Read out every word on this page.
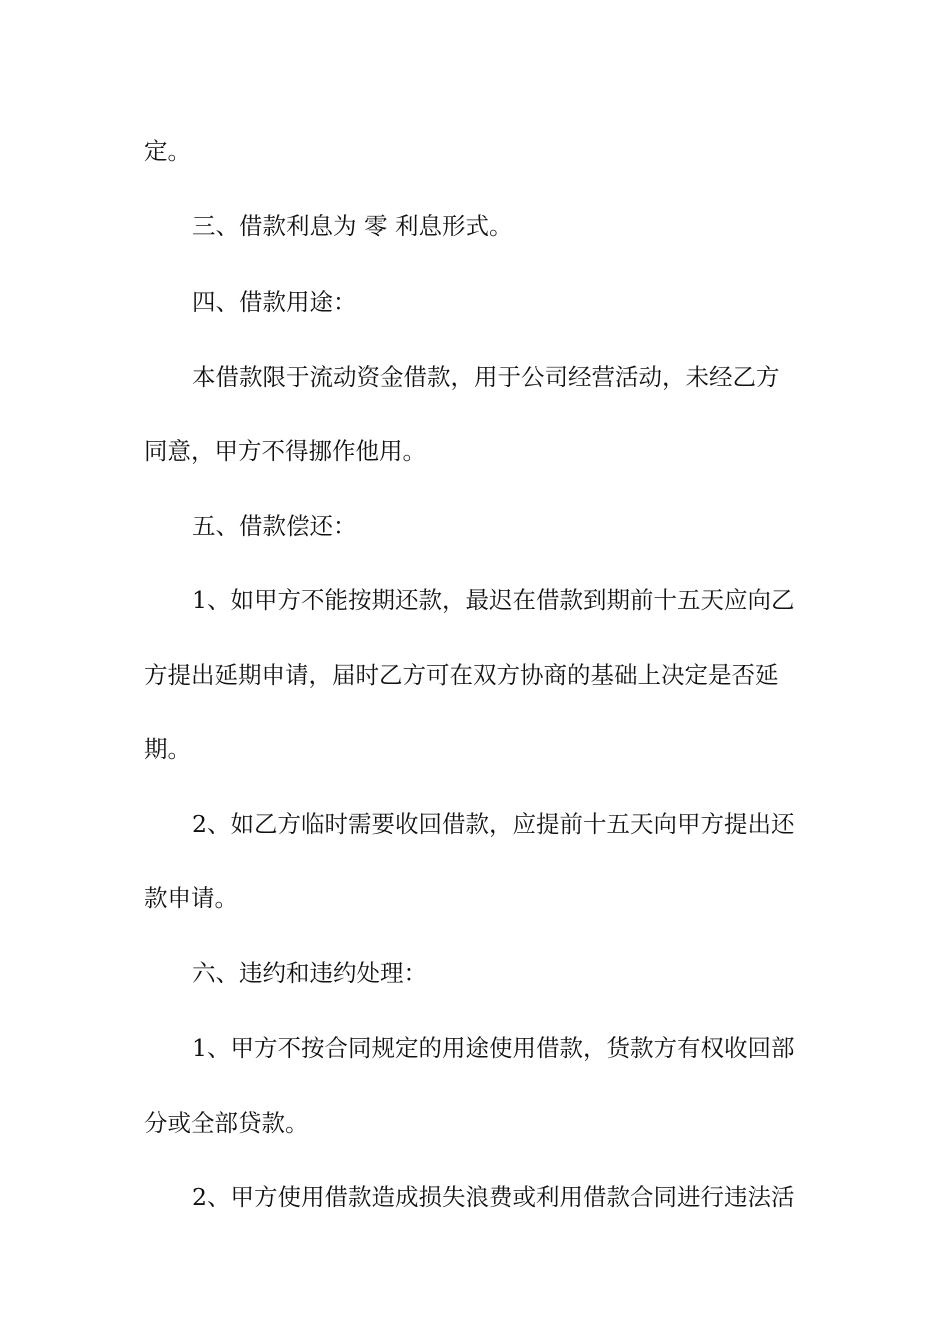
定。
三、借款利息为 零 利息形式。
四、借款用途：
本借款限于流动资金借款，用于公司经营活动，未经乙方
同意，甲方不得挪作他用。
五、借款偿还：
1、如甲方不能按期还款，最迟在借款到期前十五天应向乙
方提出延期申请，届时乙方可在双方协商的基础上决定是否延
期。
2、如乙方临时需要收回借款，应提前十五天向甲方提出还
款申请。
六、违约和违约处理：
1、甲方不按合同规定的用途使用借款，货款方有权收回部
分或全部贷款。
2、甲方使用借款造成损失浪费或利用借款合同进行违法活
